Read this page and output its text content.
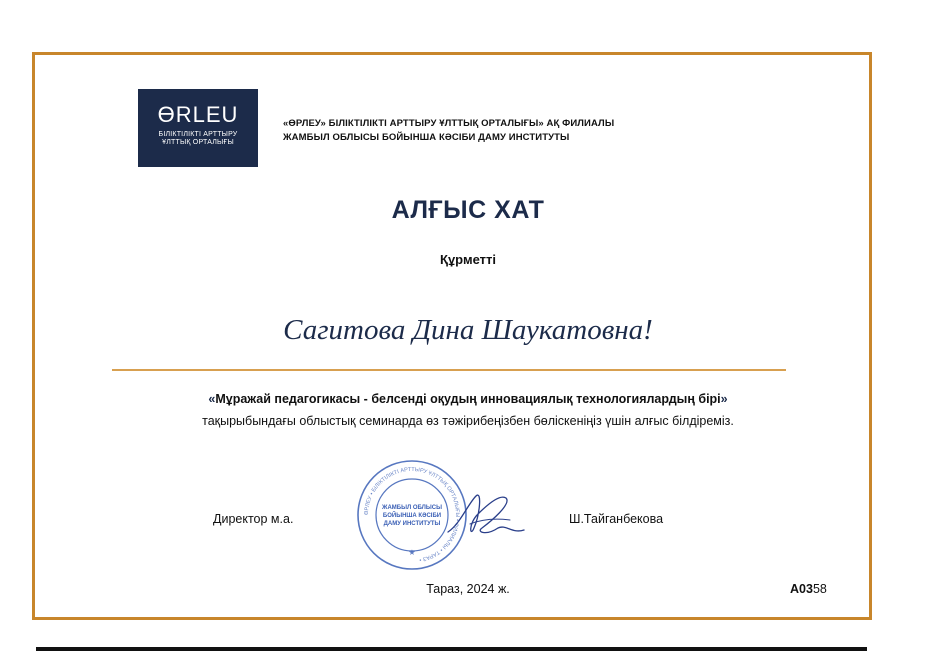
ƟRLEU
БІЛІКТІЛІКТІ АРТТЫРУ
ҰЛТТЫҚ ОРТАЛЫҒЫ
«ӨРЛЕУ» БІЛІКТІЛІКТІ АРТТЫРУ ҰЛТТЫҚ ОРТАЛЫҒЫ» АҚ ФИЛИАЛЫ
ЖАМБЫЛ ОБЛЫСЫ БОЙЫНША КӘСІБИ ДАМУ ИНСТИТУТЫ
АЛҒЫС ХАТ
Құрметті
Сагитова Дина Шаукатовна!
«Мұражай педагогикасы - белсенді оқудың инновациялық технологиялардың бірі»
тақырыбындағы облыстық семинарда өз тәжірибеңізбен бөлiскеніңіз үшін алғыс білдіреміз.
Директор м.а.	ӨРЛЕУ • БІЛІКТІЛІКТІ АРТТЫРУ ҰЛТТЫҚ ОРТАЛЫҒЫ • ФИЛИАЛЫ • ТАРАЗ •
ЖАМБЫЛ ОБЛЫСЫ
БОЙЫНША КӘСІБИ
ДАМУ ИНСТИТУТЫ
★
Ш.Тайганбекова
Тараз, 2024 ж.	А0358
